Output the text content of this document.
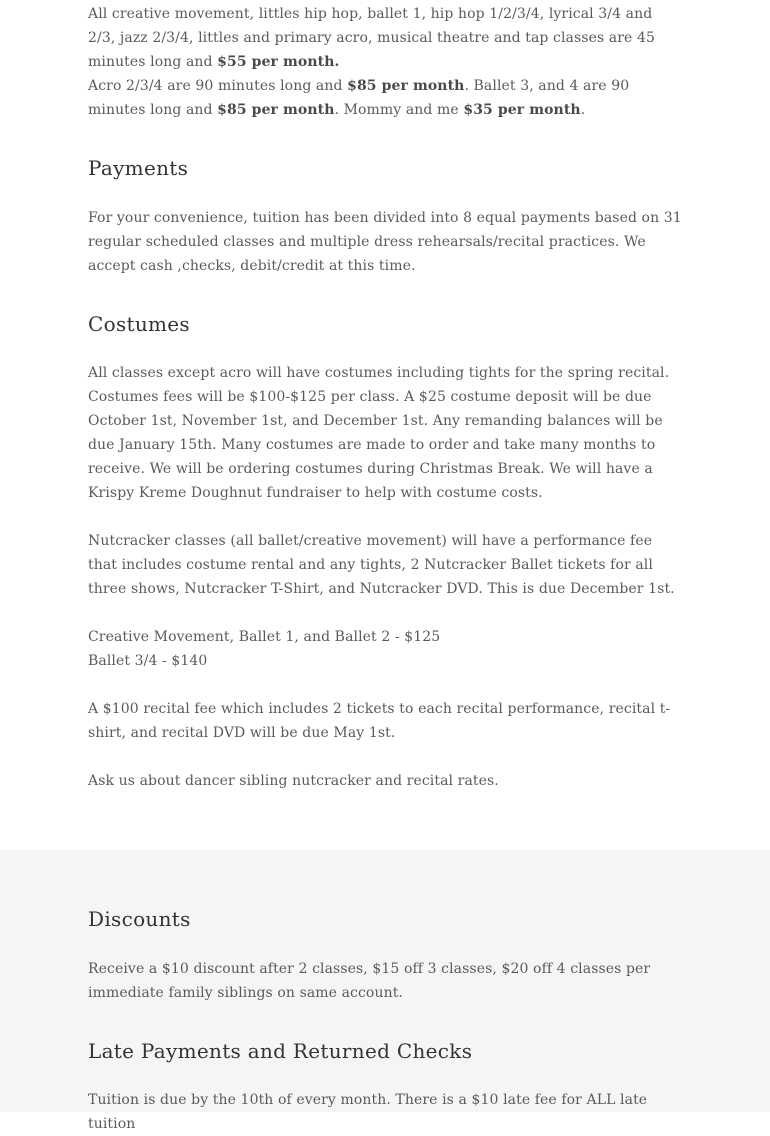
All creative movement, littles hip hop, ballet 1, hip hop 1/2/3/4, lyrical 3/4 and 2/3, jazz 2/3/4, littles and primary acro, musical theatre and tap classes are 45 minutes long and $55 per month.

Acro 2/3/4 are 90 minutes long and $85 per month. Ballet 3, and 4 are 90 minutes long and $85 per month. Mommy and me $35 per month.

Payments

For your convenience, tuition has been divided into 8 equal payments based on 31 regular scheduled classes and multiple dress rehearsals/recital practices. We accept cash ,checks, debit/credit at this time.

Costumes

All classes except acro will have costumes including tights for the spring recital. Costumes fees will be $100-$125 per class. A $25 costume deposit will be due October 1st, November 1st, and December 1st. Any remanding balances will be due January 15th. Many costumes are made to order and take many months to receive. We will be ordering costumes during Christmas Break. We will have a Krispy Kreme Doughnut fundraiser to help with costume costs.

Nutcracker classes (all ballet/creative movement) will have a performance fee that includes costume rental and any tights, 2 Nutcracker Ballet tickets for all three shows, Nutcracker T-Shirt, and Nutcracker DVD. This is due December 1st.

Creative Movement, Ballet 1, and Ballet 2 - $125

Ballet 3/4 - $140

A $100 recital fee which includes 2 tickets to each recital performance, recital t-shirt, and recital DVD will be due May 1st.

Ask us about dancer sibling nutcracker and recital rates.

Discounts

Receive a $10 discount after 2 classes, $15 off 3 classes, $20 off 4 classes per immediate family siblings on same account.

Late Payments and Returned Checks

Tuition is due by the 10th of every month. There is a $10 late fee for ALL late tuition
